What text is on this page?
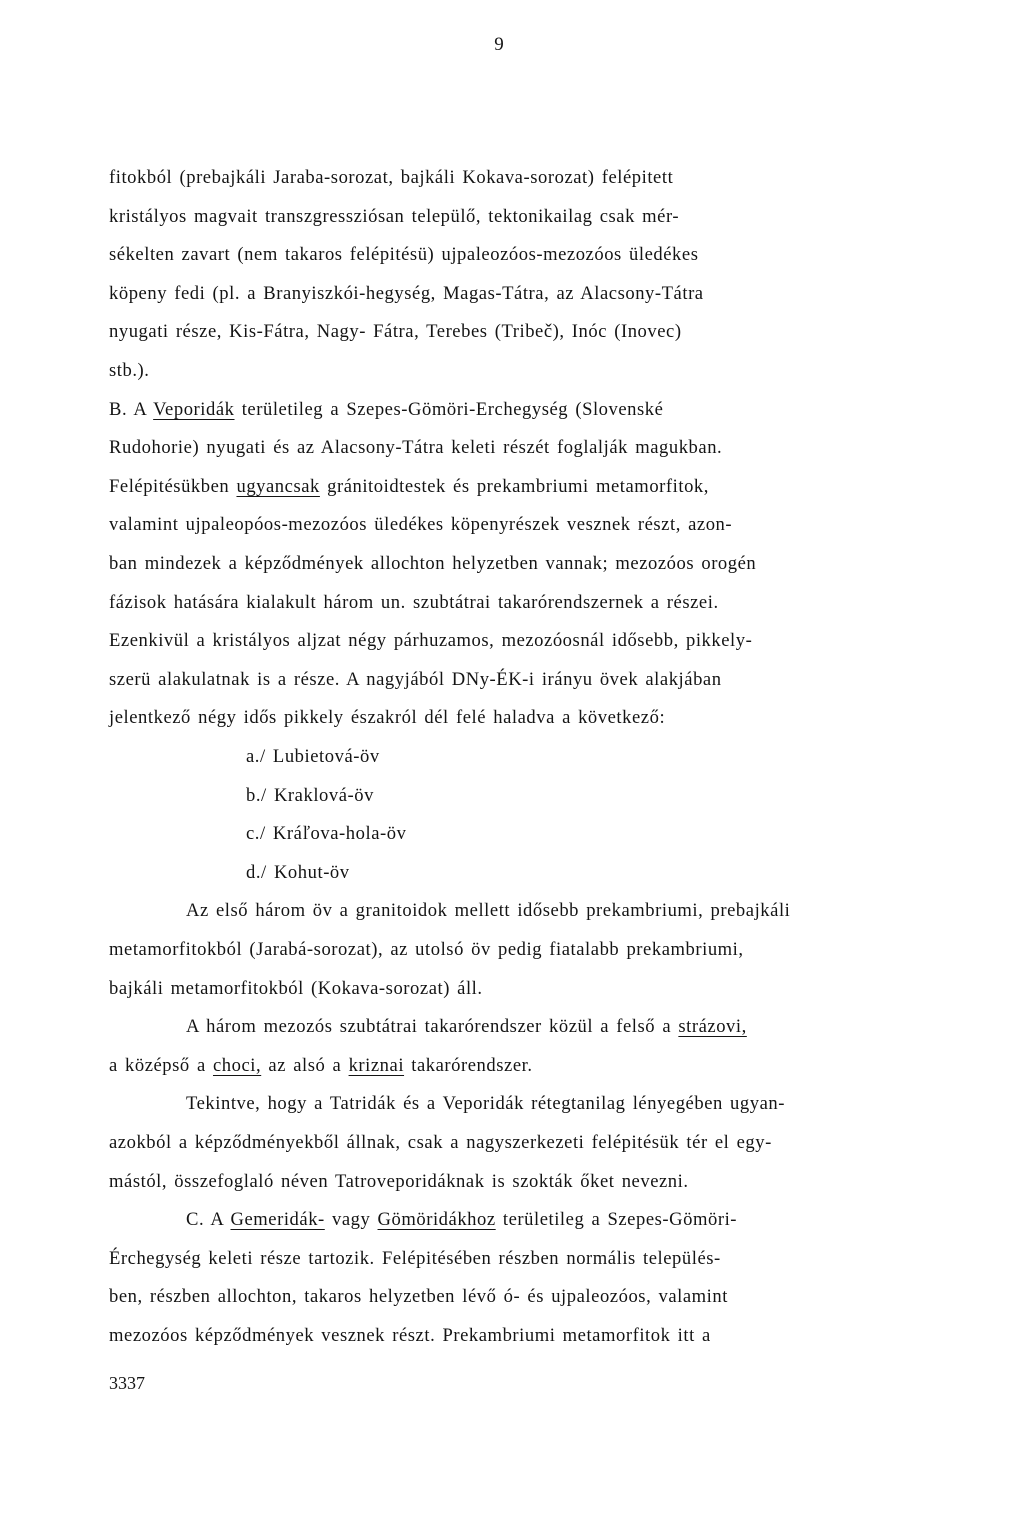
9
fitokból (prebajkáli Jaraba-sorozat, bajkáli Kokava-sorozat) felépitett
kristályos magvait transzgressziósan települő, tektonikailag csak mér-
sékelten zavart (nem takaros felépitésü) ujpaleozóos-mezozóos üledékes
köpeny fedi (pl. a Branyiszkói-hegység, Magas-Tátra, az Alacsony-Tátra
nyugati része, Kis-Fátra, Nagy- Fátra, Terebes (Tribeč), Inóc (Inovec)
stb.).
B. A Veporidák területileg a Szepes-Gömöri-Erchegység (Slovenské
Rudohorie) nyugati és az Alacsony-Tátra keleti részét foglalják magukban.
Felépitésükben ugyancsak gránitoidtestek és prekambriumi metamorfitok,
valamint ujpaleopóos-mezozóos üledékes köpenyrészek vesznek részt, azon-
ban mindezek a képződmények allochton helyzetben vannak; mezozóos orogén
fázisok hatására kialakult három un. szubtátrai takarórendszernek a részei.
Ezenkivül a kristályos aljzat négy párhuzamos, mezozóosnál idősebb, pikkely-
szerü alakulatnak is a része. A nagyjából DNy-ÉK-i irányu övek alakjában
jelentkező négy idős pikkely északról dél felé haladva a következő:
a./ Lubietová-öv
b./ Kraklová-öv
c./ Kráľova-hola-öv
d./ Kohut-öv
Az első három öv a granitoidok mellett idősebb prekambriumi, prebajkáli
metamorfitokból (Jarabá-sorozat), az utolsó öv pedig fiatalabb prekambriumi,
bajkáli metamorfitokból (Kokava-sorozat) áll.
A három mezozós szubtátrai takarórendszer közül a felső a strázovi,
a középső a choci, az alsó a kriznai takarórendszer.
Tekintve, hogy a Tatridák és a Veporidák rétegtanilag lényegében ugyan-
azokból a képződményekből állnak, csak a nagyszerkezeti felépitésük tér el egy-
mástól, összefoglaló néven Tatroveporidáknak is szokták őket nevezni.
C. A Gemeridák- vagy Gömöridákhoz területileg a Szepes-Gömöri-
Érchegység keleti része tartozik. Felépitésében részben normális település-
ben, részben allochton, takaros helyzetben lévő ó- és ujpaleozóos, valamint
mezozóos képződmények vesznek részt. Prekambriumi metamorfitok itt a
3337
